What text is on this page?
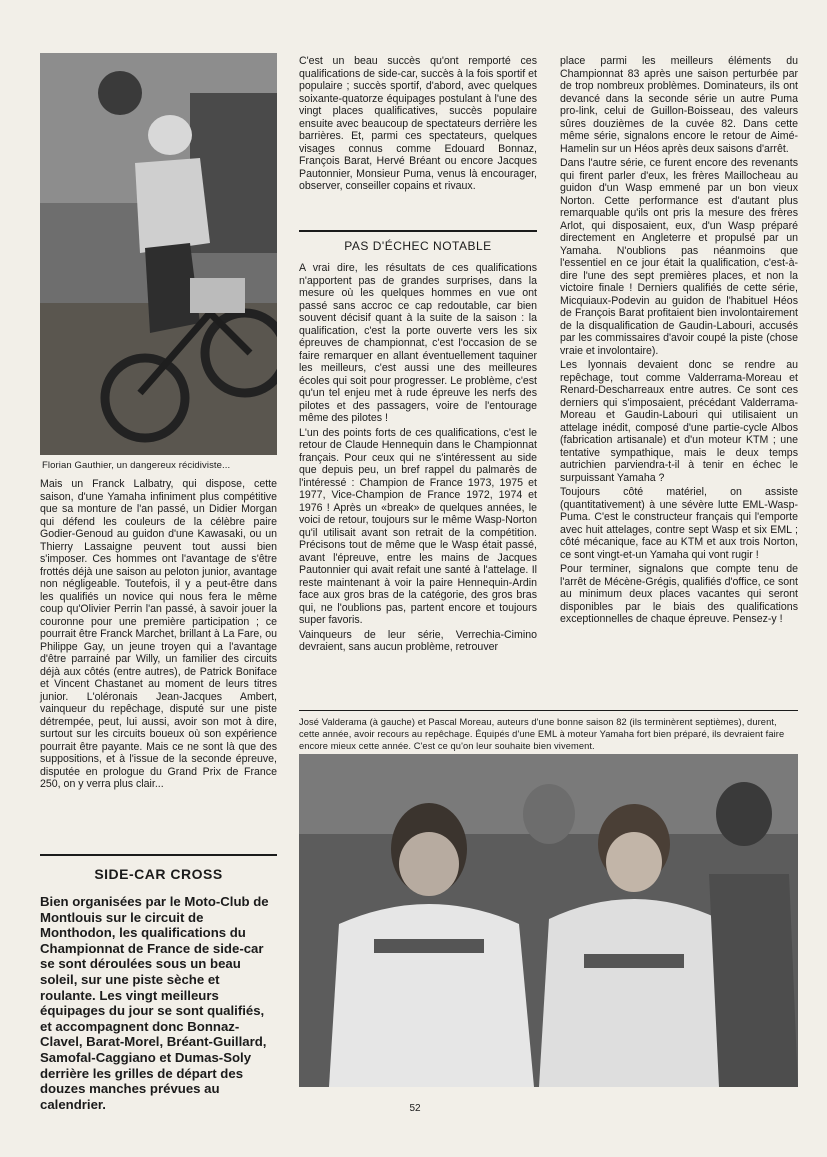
Florian Gauthier, un dangereux récidiviste...

Mais un Franck Lalbatry, qui dispose, cette saison, d'une Yamaha infiniment plus compétitive que sa monture de l'an passé, un Didier Morgan qui défend les couleurs de la célèbre paire Godier-Genoud au guidon d'une Kawasaki, ou un Thierry Lassaigne peuvent tout aussi bien s'imposer. Ces hommes ont l'avantage de s'être frottés déjà une saison au peloton junior, avantage non négligeable. Toutefois, il y a peut-être dans les qualifiés un novice qui nous fera le même coup qu'Olivier Perrin l'an passé, à savoir jouer la couronne pour une première participation ; ce pourrait être Franck Marchet, brillant à La Fare, ou Philippe Gay, un jeune troyen qui a l'avantage d'être parrainé par Willy, un familier des circuits déjà aux côtés (entre autres), de Patrick Boniface et Vincent Chastanet au moment de leurs titres junior. L'oléronais Jean-Jacques Ambert, vainqueur du repêchage, disputé sur une piste détrempée, peut, lui aussi, avoir son mot à dire, surtout sur les circuits boueux où son expérience pourrait être payante. Mais ce ne sont là que des suppositions, et à l'issue de la seconde épreuve, disputée en prologue du Grand Prix de France 250, on y verra plus clair...

SIDE-CAR CROSS
Bien organisées par le Moto-Club de Montlouis sur le circuit de Monthodon, les qualifications du Championnat de France de side-car se sont déroulées sous un beau soleil, sur une piste sèche et roulante. Les vingt meilleurs équipages du jour se sont qualifiés, et accompagnent donc Bonnaz-Clavel, Barat-Morel, Bréant-Guillard, Samofal-Caggiano et Dumas-Soly derrière les grilles de départ des douzes manches prévues au calendrier.

C'est un beau succès qu'ont remporté ces qualifications de side-car, succès à la fois sportif et populaire ; succès sportif, d'abord, avec quelques soixante-quatorze équipages postulant à l'une des vingt places qualificatives, succès populaire ensuite avec beaucoup de spectateurs derrière les barrières. Et, parmi ces spectateurs, quelques visages connus comme Edouard Bonnaz, François Barat, Hervé Bréant ou encore Jacques Pautonnier, Monsieur Puma, venus là encourager, observer, conseiller copains et rivaux.

PAS D'ÉCHEC NOTABLE

A vrai dire, les résultats de ces qualifications n'apportent pas de grandes surprises, dans la mesure où les quelques hommes en vue ont passé sans accroc ce cap redoutable, car bien souvent décisif quant à la suite de la saison : la qualification, c'est la porte ouverte vers les six épreuves de championnat, c'est l'occasion de se faire remarquer en allant éventuellement taquiner les meilleurs, c'est aussi une des meilleures écoles qui soit pour progresser. Le problème, c'est qu'un tel enjeu met à rude épreuve les nerfs des pilotes et des passagers, voire de l'entourage même des pilotes !

L'un des points forts de ces qualifications, c'est le retour de Claude Hennequin dans le Championnat français. Pour ceux qui ne s'intéressent au side que depuis peu, un bref rappel du palmarès de l'intéressé : Champion de France 1973, 1975 et 1977, Vice-Champion de France 1972, 1974 et 1976 ! Après un «break» de quelques années, le voici de retour, toujours sur le même Wasp-Norton qu'il utilisait avant son retrait de la compétition. Précisons tout de même que le Wasp était passé, avant l'épreuve, entre les mains de Jacques Pautonnier qui avait refait une santé à l'attelage. Il reste maintenant à voir la paire Hennequin-Ardin face aux gros bras de la catégorie, des gros bras qui, ne l'oublions pas, partent encore et toujours super favoris.

Vainqueurs de leur série, Verrechia-Cimino devraient, sans aucun problème, retrouver

place parmi les meilleurs éléments du Championnat 83 après une saison perturbée par de trop nombreux problèmes. Dominateurs, ils ont devancé dans la seconde série un autre Puma pro-link, celui de Guillon-Boisseau, des valeurs sûres douzièmes de la cuvée 82. Dans cette même série, signalons encore le retour de Aimé-Hamelin sur un Héos après deux saisons d'arrêt.

Dans l'autre série, ce furent encore des revenants qui firent parler d'eux, les frères Maillocheau au guidon d'un Wasp emmené par un bon vieux Norton. Cette performance est d'autant plus remarquable qu'ils ont pris la mesure des frères Arlot, qui disposaient, eux, d'un Wasp préparé directement en Angleterre et propulsé par un Yamaha. N'oublions pas néanmoins que l'essentiel en ce jour était la qualification, c'est-à-dire l'une des sept premières places, et non la victoire finale ! Derniers qualifiés de cette série, Micquiaux-Podevin au guidon de l'habituel Héos de François Barat profitaient bien involontairement de la disqualification de Gaudin-Labouri, accusés par les commissaires d'avoir coupé la piste (chose vraie et involontaire).

Les lyonnais devaient donc se rendre au repêchage, tout comme Valderrama-Moreau et Renard-Descharreaux entre autres. Ce sont ces derniers qui s'imposaient, précédant Valderrama-Moreau et Gaudin-Labouri qui utilisaient un attelage inédit, composé d'une partie-cycle Albos (fabrication artisanale) et d'un moteur KTM ; une tentative sympathique, mais le deux temps autrichien parviendra-t-il à tenir en échec le surpuissant Yamaha ?

Toujours côté matériel, on assiste (quantitativement) à une sévère lutte EML-Wasp-Puma. C'est le constructeur français qui l'emporte avec huit attelages, contre sept Wasp et six EML ; côté mécanique, face au KTM et aux trois Norton, ce sont vingt-et-un Yamaha qui vont rugir !

Pour terminer, signalons que compte tenu de l'arrêt de Mécène-Grégis, qualifiés d'office, ce sont au minimum deux places vacantes qui seront disponibles par le biais des qualifications exceptionnelles de chaque épreuve. Pensez-y !

José Valderama (à gauche) et Pascal Moreau, auteurs d'une bonne saison 82 (ils terminèrent septièmes), durent, cette année, avoir recours au repêchage. Équipés d'une EML à moteur Yamaha fort bien préparé, ils devraient faire encore mieux cette année. C'est ce qu'on leur souhaite bien vivement.
52
